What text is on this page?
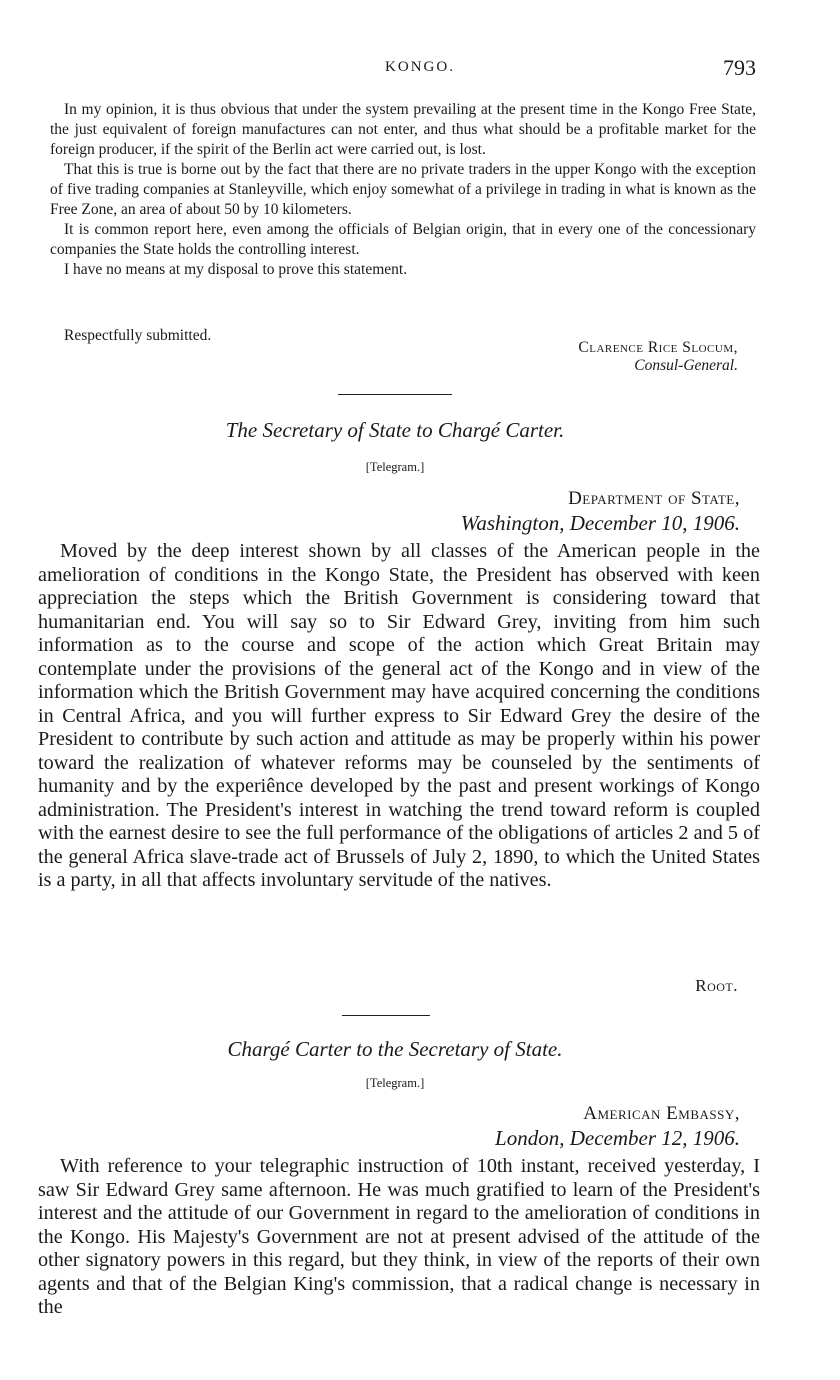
KONGO.	793

In my opinion, it is thus obvious that under the system prevailing at the present time in the Kongo Free State, the just equivalent of foreign manufactures can not enter, and thus what should be a profitable market for the foreign producer, if the spirit of the Berlin act were carried out, is lost.

That this is true is borne out by the fact that there are no private traders in the upper Kongo with the exception of five trading companies at Stanleyville, which enjoy somewhat of a privilege in trading in what is known as the Free Zone, an area of about 50 by 10 kilometers.

It is common report here, even among the officials of Belgian origin, that in every one of the concessionary companies the State holds the controlling interest.

I have no means at my disposal to prove this statement.

Respectfully submitted.
Clarence Rice Slocum,
Consul-General.
The Secretary of State to Chargé Carter.
[Telegram.]
Department of State,
Washington, December 10, 1906.

Moved by the deep interest shown by all classes of the American people in the amelioration of conditions in the Kongo State, the President has observed with keen appreciation the steps which the British Government is considering toward that humanitarian end. You will say so to Sir Edward Grey, inviting from him such information as to the course and scope of the action which Great Britain may contemplate under the provisions of the general act of the Kongo and in view of the information which the British Government may have acquired concerning the conditions in Central Africa, and you will further express to Sir Edward Grey the desire of the President to contribute by such action and attitude as may be properly within his power toward the realization of whatever reforms may be counseled by the sentiments of humanity and by the experiênce developed by the past and present workings of Kongo administration. The President's interest in watching the trend toward reform is coupled with the earnest desire to see the full performance of the obligations of articles 2 and 5 of the general Africa slave-trade act of Brussels of July 2, 1890, to which the United States is a party, in all that affects involuntary servitude of the natives.

Root.
Chargé Carter to the Secretary of State.
[Telegram.]
American Embassy,
London, December 12, 1906.

With reference to your telegraphic instruction of 10th instant, received yesterday, I saw Sir Edward Grey same afternoon. He was much gratified to learn of the President's interest and the attitude of our Government in regard to the amelioration of conditions in the Kongo. His Majesty's Government are not at present advised of the attitude of the other signatory powers in this regard, but they think, in view of the reports of their own agents and that of the Belgian King's commission, that a radical change is necessary in the
